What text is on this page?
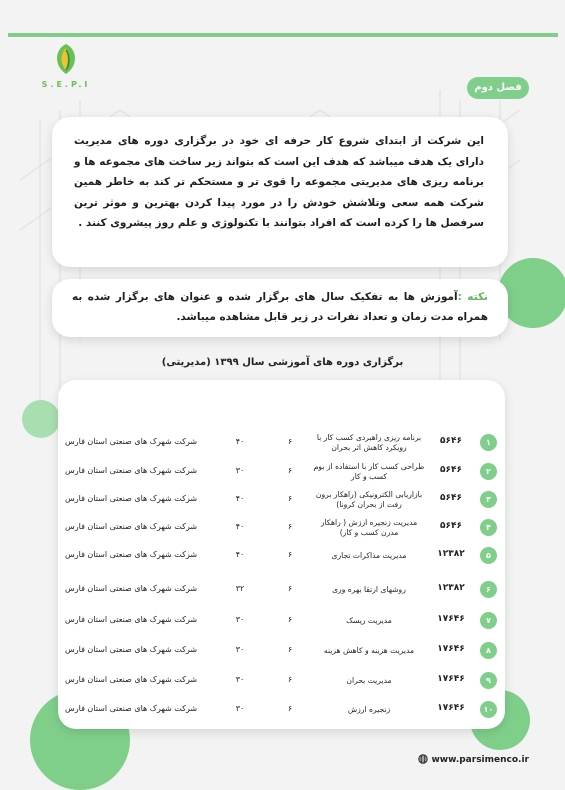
S.E.P.I	فصل دوم

این شرکت از ابتدای شروع کار حرفه ای خود در برگزاری دوره های مدیریت دارای یک هدف میباشد که هدف این است که بتواند زیر ساخت های مجموعه ها و برنامه ریزی های مدیریتی مجموعه را قوی تر و مستحکم تر کند به خاطر همین شرکت همه سعی وتلاشش خودش را در مورد پیدا کردن بهترین و موثر ترین سرفصل ها را کرده است که افراد بتوانند با تکنولوژی و علم روز پیشروی کنند .

نکته :آموزش ها به تفکیک سال های برگزار شده و عنوان های برگزار شده به همراه مدت زمان و تعداد نفرات در زیر قابل مشاهده میباشد.

برگزاری دوره های آموزشی سال ۱۳۹۹ (مدیریتی)
۱
۵۶۴۶
برنامه ریزی راهبردی کسب کار با رویکرد کاهش اثر بحران
۶
۴۰
شرکت شهرک های صنعتی استان فارس
۲
۵۶۴۶
طراحی کسب کار با استفاده از بوم کسب و کار
۶
۳۰
شرکت شهرک های صنعتی استان فارس
۳
۵۶۴۶
بازاریابی الکترونیکی (راهکار برون رفت از بحران کرونا)
۶
۴۰
شرکت شهرک های صنعتی استان فارس
۴
۵۶۴۶
مدیریت زنجیره ارزش ( راهکار مدرن کسب و کار)
۶
۴۰
شرکت شهرک های صنعتی استان فارس
۵
۱۲۳۸۲
مدیریت مذاکرات تجاری
۶
۴۰
شرکت شهرک های صنعتی استان فارس
۶
۱۲۳۸۲
روشهای ارتقا بهره وری
۶
۳۲
شرکت شهرک های صنعتی استان فارس
۷
۱۷۶۴۶
مدیریت ریسک
۶
۳۰
شرکت شهرک های صنعتی استان فارس
۸
۱۷۶۴۶
مدیریت هزینه و کاهش هزینه
۶
۳۰
شرکت شهرک های صنعتی استان فارس
۹
۱۷۶۴۶
مدیریت بحران
۶
۳۰
شرکت شهرک های صنعتی استان فارس
۱۰
۱۷۶۴۶
زنجیره ارزش
۶
۳۰
شرکت شهرک های صنعتی استان فارس
www.parsimenco.ir
